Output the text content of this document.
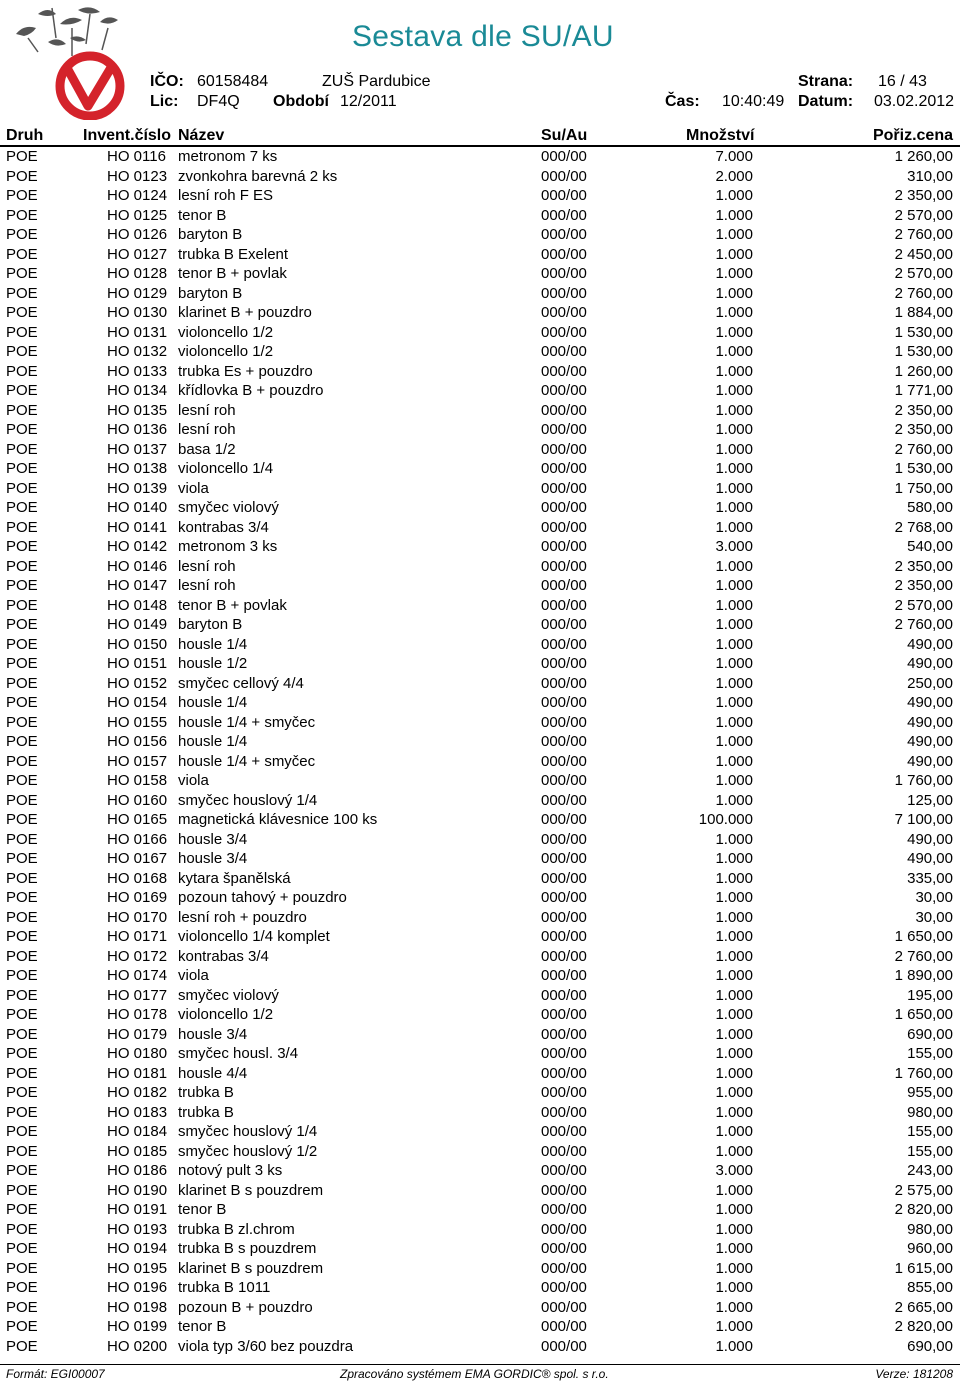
Sestava dle SU/AU
IČO: 60158484	ZUŠ Pardubice	Strana: 16 / 43
Lic: DF4Q Období 12/2011	Čas: 10:40:49 Datum: 03.02.2012
Druh Invent.číslo Název	Su/Au	Množství	Pořiz.cena
POE	HO 0116 metronom 7 ks	000/00	7.000	1 260,00
POE	HO 0123 zvonkohra barevná 2 ks	000/00	2.000	310,00
POE	HO 0124 lesní roh F ES	000/00	1.000	2 350,00
POE	HO 0125 tenor B	000/00	1.000	2 570,00
POE	HO 0126 baryton B	000/00	1.000	2 760,00
POE	HO 0127 trubka B Exelent	000/00	1.000	2 450,00
POE	HO 0128 tenor B + povlak	000/00	1.000	2 570,00
POE	HO 0129 baryton B	000/00	1.000	2 760,00
POE	HO 0130 klarinet B + pouzdro	000/00	1.000	1 884,00
POE	HO 0131 violoncello 1/2	000/00	1.000	1 530,00
POE	HO 0132 violoncello 1/2	000/00	1.000	1 530,00
POE	HO 0133 trubka Es + pouzdro	000/00	1.000	1 260,00
POE	HO 0134 křídlovka B + pouzdro	000/00	1.000	1 771,00
POE	HO 0135 lesní roh	000/00	1.000	2 350,00
POE	HO 0136 lesní roh	000/00	1.000	2 350,00
POE	HO 0137 basa 1/2	000/00	1.000	2 760,00
POE	HO 0138 violoncello 1/4	000/00	1.000	1 530,00
POE	HO 0139 viola	000/00	1.000	1 750,00
POE	HO 0140 smyčec violový	000/00	1.000	580,00
POE	HO 0141 kontrabas 3/4	000/00	1.000	2 768,00
POE	HO 0142 metronom 3 ks	000/00	3.000	540,00
POE	HO 0146 lesní roh	000/00	1.000	2 350,00
POE	HO 0147 lesní roh	000/00	1.000	2 350,00
POE	HO 0148 tenor B + povlak	000/00	1.000	2 570,00
POE	HO 0149 baryton B	000/00	1.000	2 760,00
POE	HO 0150 housle 1/4	000/00	1.000	490,00
POE	HO 0151 housle 1/2	000/00	1.000	490,00
POE	HO 0152 smyčec cellový 4/4	000/00	1.000	250,00
POE	HO 0154 housle 1/4	000/00	1.000	490,00
POE	HO 0155 housle 1/4 + smyčec	000/00	1.000	490,00
POE	HO 0156 housle 1/4	000/00	1.000	490,00
POE	HO 0157 housle 1/4 + smyčec	000/00	1.000	490,00
POE	HO 0158 viola	000/00	1.000	1 760,00
POE	HO 0160 smyčec houslový 1/4	000/00	1.000	125,00
POE	HO 0165 magnetická klávesnice 100 ks	000/00	100.000	7 100,00
POE	HO 0166 housle 3/4	000/00	1.000	490,00
POE	HO 0167 housle 3/4	000/00	1.000	490,00
POE	HO 0168 kytara španělská	000/00	1.000	335,00
POE	HO 0169 pozoun tahový + pouzdro	000/00	1.000	30,00
POE	HO 0170 lesní roh + pouzdro	000/00	1.000	30,00
POE	HO 0171 violoncello 1/4 komplet	000/00	1.000	1 650,00
POE	HO 0172 kontrabas 3/4	000/00	1.000	2 760,00
POE	HO 0174 viola	000/00	1.000	1 890,00
POE	HO 0177 smyčec violový	000/00	1.000	195,00
POE	HO 0178 violoncello 1/2	000/00	1.000	1 650,00
POE	HO 0179 housle 3/4	000/00	1.000	690,00
POE	HO 0180 smyčec housl. 3/4	000/00	1.000	155,00
POE	HO 0181 housle 4/4	000/00	1.000	1 760,00
POE	HO 0182 trubka B	000/00	1.000	955,00
POE	HO 0183 trubka B	000/00	1.000	980,00
POE	HO 0184 smyčec houslový 1/4	000/00	1.000	155,00
POE	HO 0185 smyčec houslový 1/2	000/00	1.000	155,00
POE	HO 0186 notový pult 3 ks	000/00	3.000	243,00
POE	HO 0190 klarinet B s pouzdrem	000/00	1.000	2 575,00
POE	HO 0191 tenor B	000/00	1.000	2 820,00
POE	HO 0193 trubka B zl.chrom	000/00	1.000	980,00
POE	HO 0194 trubka B s pouzdrem	000/00	1.000	960,00
POE	HO 0195 klarinet B s pouzdrem	000/00	1.000	1 615,00
POE	HO 0196 trubka B 1011	000/00	1.000	855,00
POE	HO 0198 pozoun B + pouzdro	000/00	1.000	2 665,00
POE	HO 0199 tenor B	000/00	1.000	2 820,00
POE	HO 0200 viola typ 3/60 bez pouzdra	000/00	1.000	690,00
Formát: EGI00007	Zpracováno systémem EMA GORDIC® spol. s r.o.	Verze: 181208
